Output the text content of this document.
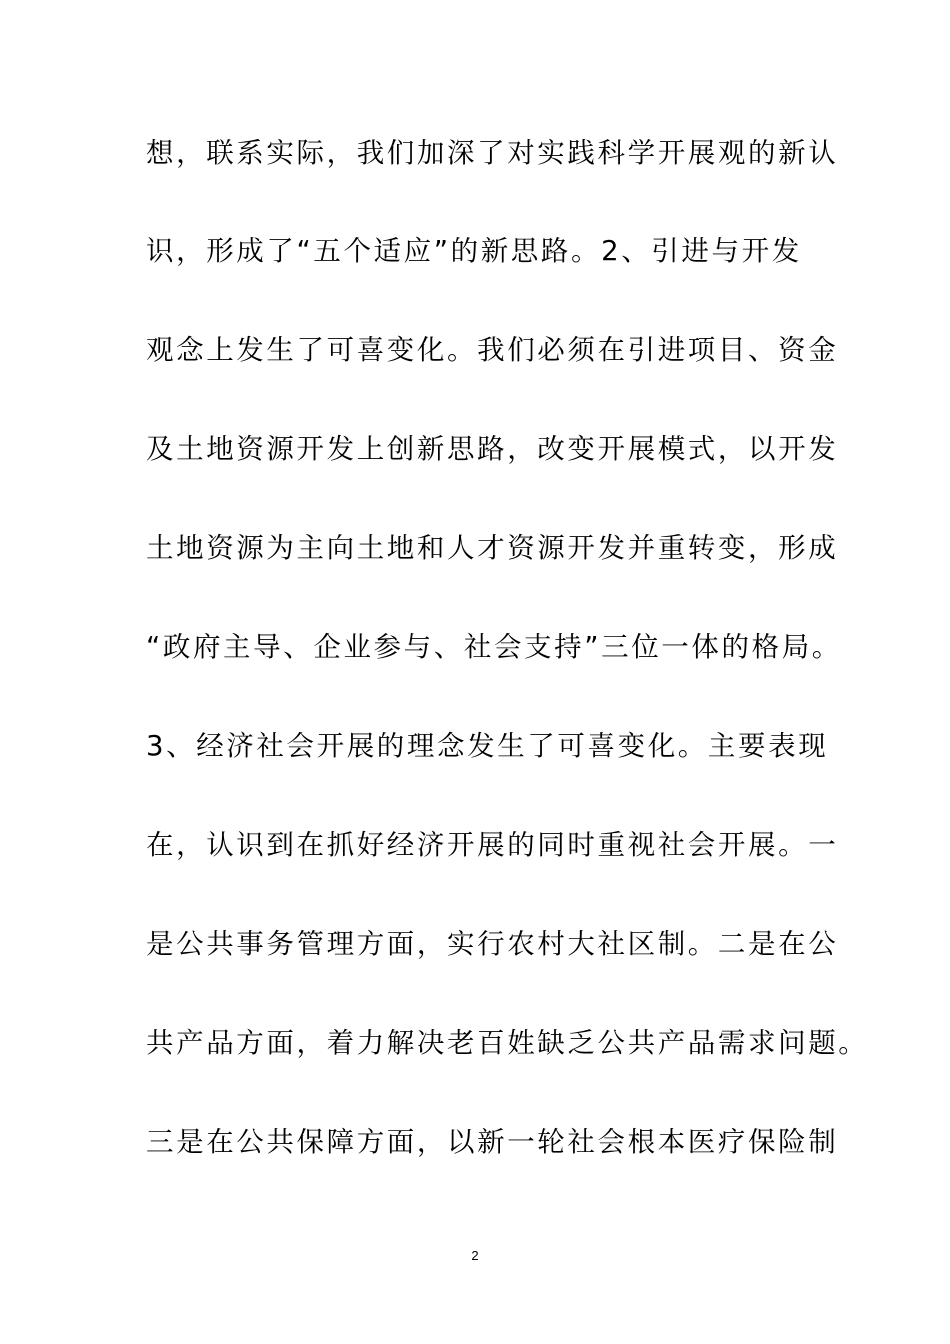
想，联系实际，我们加深了对实践科学开展观的新认
识，形成了“五个适应”的新思路。2、引进与开发
观念上发生了可喜变化。我们必须在引进项目、资金
及土地资源开发上创新思路，改变开展模式，以开发
土地资源为主向土地和人才资源开发并重转变，形成
“政府主导、企业参与、社会支持”三位一体的格局。
3、经济社会开展的理念发生了可喜变化。主要表现
在，认识到在抓好经济开展的同时重视社会开展。一
是公共事务管理方面，实行农村大社区制。二是在公
共产品方面，着力解决老百姓缺乏公共产品需求问题。
三是在公共保障方面，以新一轮社会根本医疗保险制
2
